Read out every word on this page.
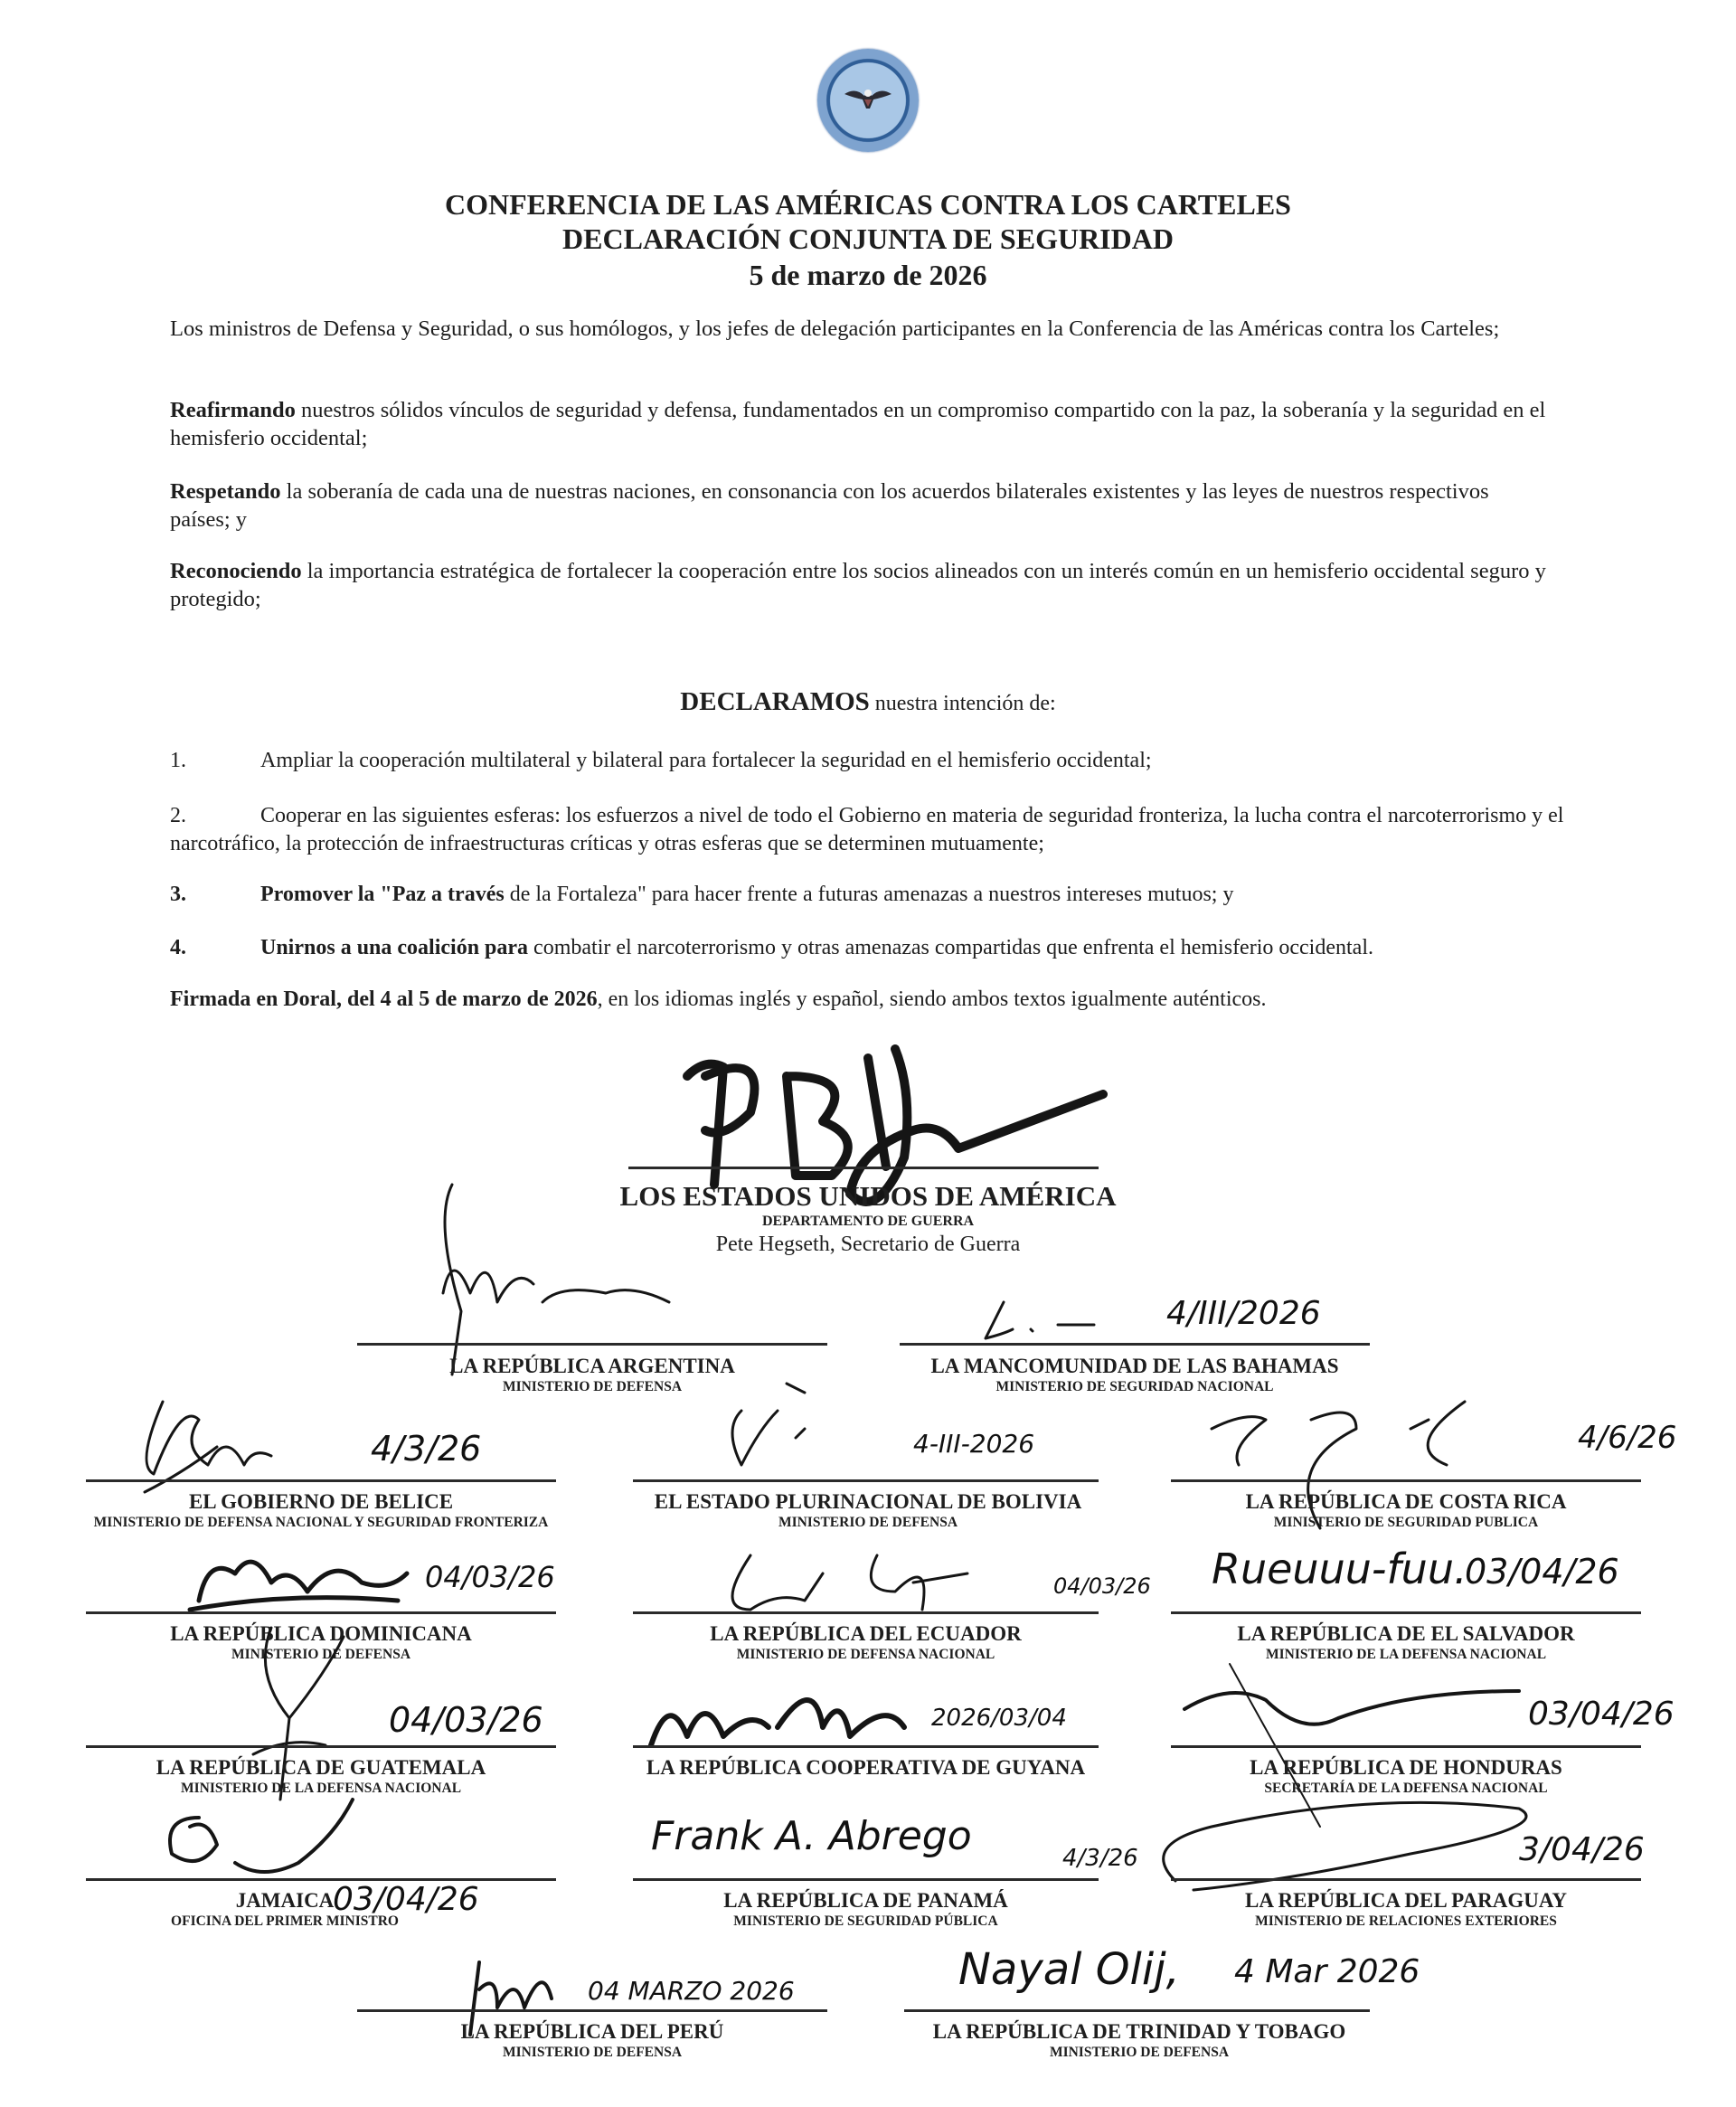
CONFERENCIA DE LAS AMÉRICAS CONTRA LOS CARTELES
DECLARACIÓN CONJUNTA DE SEGURIDAD
5 de marzo de 2026
Los ministros de Defensa y Seguridad, o sus homólogos, y los jefes de delegación participantes en la Conferencia de las Américas contra los Carteles;
Reafirmando nuestros sólidos vínculos de seguridad y defensa, fundamentados en un compromiso compartido con la paz, la soberanía y la seguridad en el hemisferio occidental;
Respetando la soberanía de cada una de nuestras naciones, en consonancia con los acuerdos bilaterales existentes y las leyes de nuestros respectivos países; y
Reconociendo la importancia estratégica de fortalecer la cooperación entre los socios alineados con un interés común en un hemisferio occidental seguro y protegido;
DECLARAMOS nuestra intención de:
1.	Ampliar la cooperación multilateral y bilateral para fortalecer la seguridad en el hemisferio occidental;
2.	Cooperar en las siguientes esferas: los esfuerzos a nivel de todo el Gobierno en materia de seguridad fronteriza, la lucha contra el narcoterrorismo y el narcotráfico, la protección de infraestructuras críticas y otras esferas que se determinen mutuamente;
3.	Promover la "Paz a través de la Fortaleza" para hacer frente a futuras amenazas a nuestros intereses mutuos; y
4.	Unirnos a una coalición para combatir el narcoterrorismo y otras amenazas compartidas que enfrenta el hemisferio occidental.
Firmada en Doral, del 4 al 5 de marzo de 2026, en los idiomas inglés y español, siendo ambos textos igualmente auténticos.
LOS ESTADOS UNIDOS DE AMÉRICA
DEPARTAMENTO DE GUERRA
Pete Hegseth, Secretario de Guerra
LA REPÚBLICA ARGENTINA
MINISTERIO DE DEFENSA
4/III/2026
LA MANCOMUNIDAD DE LAS BAHAMAS
MINISTERIO DE SEGURIDAD NACIONAL
4/3/26
EL GOBIERNO DE BELICE
MINISTERIO DE DEFENSA NACIONAL Y SEGURIDAD FRONTERIZA
4-III-2026
EL ESTADO PLURINACIONAL DE BOLIVIA
MINISTERIO DE DEFENSA
4/6/26
LA REPÚBLICA DE COSTA RICA
MINISTERIO DE SEGURIDAD PUBLICA
04/03/26
LA REPÚBLICA DOMINICANA
MINISTERIO DE DEFENSA
04/03/26
LA REPÚBLICA DEL ECUADOR
MINISTERIO DE DEFENSA NACIONAL
Rueuuu-fuu.
03/04/26
LA REPÚBLICA DE EL SALVADOR
MINISTERIO DE LA DEFENSA NACIONAL
04/03/26
LA REPÚBLICA DE GUATEMALA
MINISTERIO DE LA DEFENSA NACIONAL
2026/03/04
LA REPÚBLICA COOPERATIVA DE GUYANA
03/04/26
LA REPÚBLICA DE HONDURAS
SECRETARÍA DE LA DEFENSA NACIONAL
03/04/26
JAMAICA
OFICINA DEL PRIMER MINISTRO
Frank A. Abrego	4/3/26
LA REPÚBLICA DE PANAMÁ
MINISTERIO DE SEGURIDAD PÚBLICA
3/04/26
LA REPÚBLICA DEL PARAGUAY
MINISTERIO DE RELACIONES EXTERIORES
04 MARZO 2026
LA REPÚBLICA DEL PERÚ
MINISTERIO DE DEFENSA
Nayal Olij, 4 Mar 2026
LA REPÚBLICA DE TRINIDAD Y TOBAGO
MINISTERIO DE DEFENSA
